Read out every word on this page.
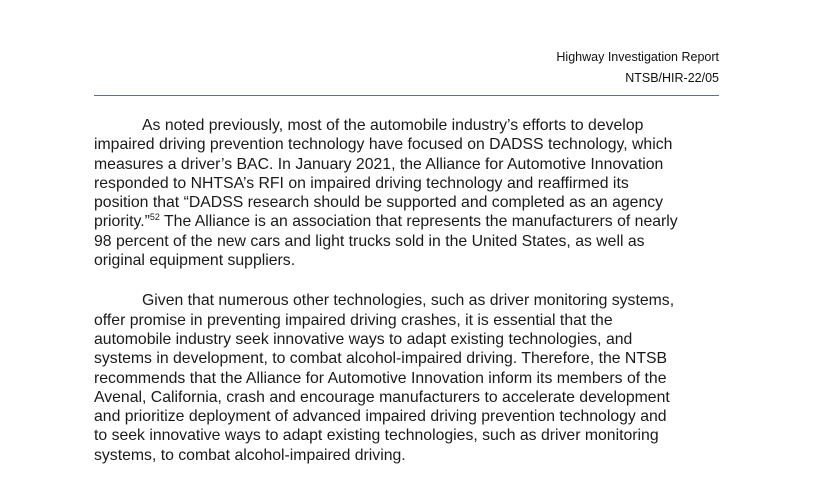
Highway Investigation Report
NTSB/HIR-22/05

As noted previously, most of the automobile industry’s efforts to develop
impaired driving prevention technology have focused on DADSS technology, which
measures a driver’s BAC. In January 2021, the Alliance for Automotive Innovation
responded to NHTSA’s RFI on impaired driving technology and reaffirmed its
position that “DADSS research should be supported and completed as an agency
priority.”$^{52}$ The Alliance is an association that represents the manufacturers of nearly
98 percent of the new cars and light trucks sold in the United States, as well as
original equipment suppliers.

Given that numerous other technologies, such as driver monitoring systems,
offer promise in preventing impaired driving crashes, it is essential that the
automobile industry seek innovative ways to adapt existing technologies, and
systems in development, to combat alcohol-impaired driving. Therefore, the NTSB
recommends that the Alliance for Automotive Innovation inform its members of the
Avenal, California, crash and encourage manufacturers to accelerate development
and prioritize deployment of advanced impaired driving prevention technology and
to seek innovative ways to adapt existing technologies, such as driver monitoring
systems, to combat alcohol-impaired driving.
